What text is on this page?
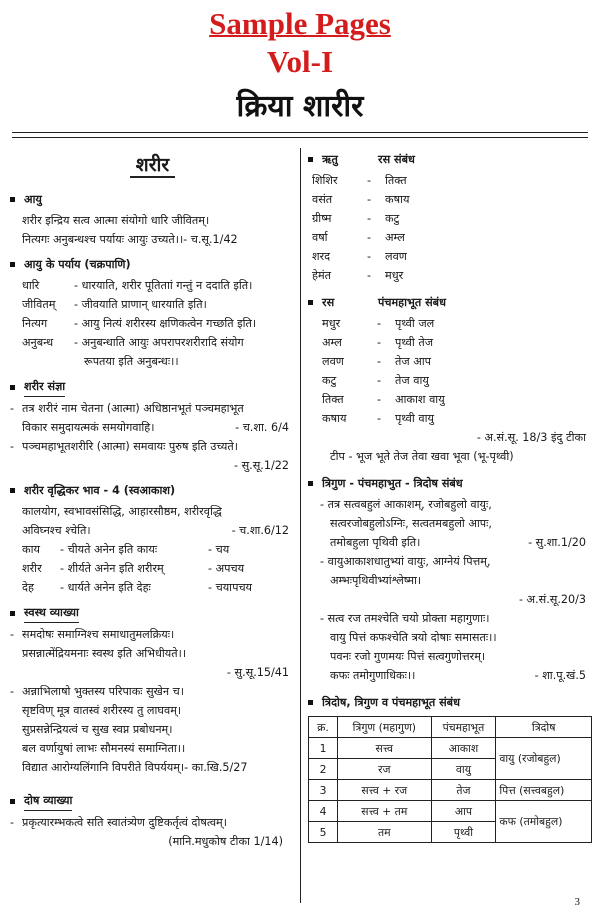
Sample Pages
Vol-I
क्रिया शारीर
शरीर
आयु
शरीर इन्द्रिय सत्व आत्मा संयोगो धारि जीवितम्।
नित्यगः अनुबन्धश्च पर्यायः आयुः उच्यते।।- च.सू.1/42
आयु के पर्याय (चक्रपाणि)
धारि	- धारयाति, शरीर पूतिताां गन्तुं न ददाति इति।
जीवितम्	- जीवयाति प्राणान् धारयाति इति।
नित्यग	- आयु नित्यं शरीरस्य क्षणिकत्वेन गच्छति इति।
अनुबन्ध	- अनुबन्धाति आयुः अपरापरशरीरादि संयोग
रूपतया इति अनुबन्धः।।
शरीर संज्ञा
- तत्र शरीरं नाम चेतना (आत्मा) अधिष्ठानभूतं पञ्चमहाभूत
विकार समुदायत्मकं समयोगवाहि।	- च.शा. 6/4
- पञ्चमहाभूतशरीरि (आत्मा) समवायः पुरुष इति उच्यते।
- सु.सू.1/22
शरीर वृद्धिकर भाव - 4 (स्वआकाश)
कालयोग, स्वभावसंसिद्धि, आहारसौष्ठम, शरीरवृद्धि
अविघ्नश्च श्चेति।	- च.शा.6/12
काय	- चीयते अनेन इति कायः	- चय
शरीर	- शीर्यते अनेन इति शरीरम्	- अपचय
देह	- धार्यते अनेन इति देहः	- चयापचय
स्वस्थ व्याख्या
- समदोषः समाग्निश्च समाधातुमलक्रियः।
प्रसन्नात्मेंद्रियमनाः स्वस्थ इति अभिधीयते।।
- सु.सू.15/41
- अन्नाभिलाषो भुक्तस्य परिपाकः सुखेन च।
सृष्टविण् मूत्र वातस्वं शरीरस्य तु लाघवम्।
सुप्रसन्नेन्द्रियत्वं च सुख स्वप्न प्रबोधनम्।
बल वर्णायुषां लाभः सौमनस्यं समाग्निता।।
विद्यात आरोग्यलिंगानि विपरीते विपर्ययम्।- का.खि.5/27
दोष व्याख्या
- प्रकृत्यारम्भकत्वे सति स्वातंत्र्येण दुष्टिकर्तृत्वं दोषत्वम्।
(मानि.मधुकोष टीका 1/14)
ऋतु	रस संबंध
शिशिर	-	तिक्त
वसंत	-	कषाय
ग्रीष्म	-	कटु
वर्षा	-	अम्ल
शरद	-	लवण
हेमंत	-	मधुर
रस	पंचमहाभूत संबंध
मधुर	-	पृथ्वी जल
अम्ल	-	पृथ्वी तेज
लवण	-	तेज आप
कटु	-	तेज वायु
तिक्त	-	आकाश वायु
कषाय	-	पृथ्वी वायु
- अ.सं.सू. 18/3 इंदु टीका
टीप - भूज भूते तेज तेवा खवा भूवा (भू-पृथ्वी)
त्रिगुण - पंचमहाभुत - त्रिदोष संबंध
- तत्र सत्वबहुलं आकाशम्, रजोबहुलो वायुः,
सत्वरजोबहुलोऽग्निः, सत्वतमबहुलो आपः,
तमोबहुला पृथिवी इति।	- सु.शा.1/20
- वायुआकाशधातुभ्यां वायुः, आग्नेयं पित्तम्,
अम्भःपृथिवीभ्यांश्लेष्मा।
- अ.सं.सू.20/3
- सत्व रज तमश्चेति चयो प्रोक्ता महागुणाः।
वायु पित्तं कफश्चेति त्रयो दोषाः समासतः।।
पवनः रजो गुणमयः पित्तं सत्वगुणोत्तरम्।
कफः तमोगुणाधिकः।।	- शा.पू.खं.5
त्रिदोष, त्रिगुण व पंचमहाभूत संबंध
क्र.	त्रिगुण (महागुण)	पंचमहाभूत	त्रिदोष
1	सत्त्व	आकाश	वायु (रजोबहुल)
2	रज	वायु	
3	सत्त्व + रज	तेज	पित्त (सत्त्वबहुल)
4	सत्त्व + तम	आप	कफ (तमोबहुल)
5	तम	पृथ्वी	
3
